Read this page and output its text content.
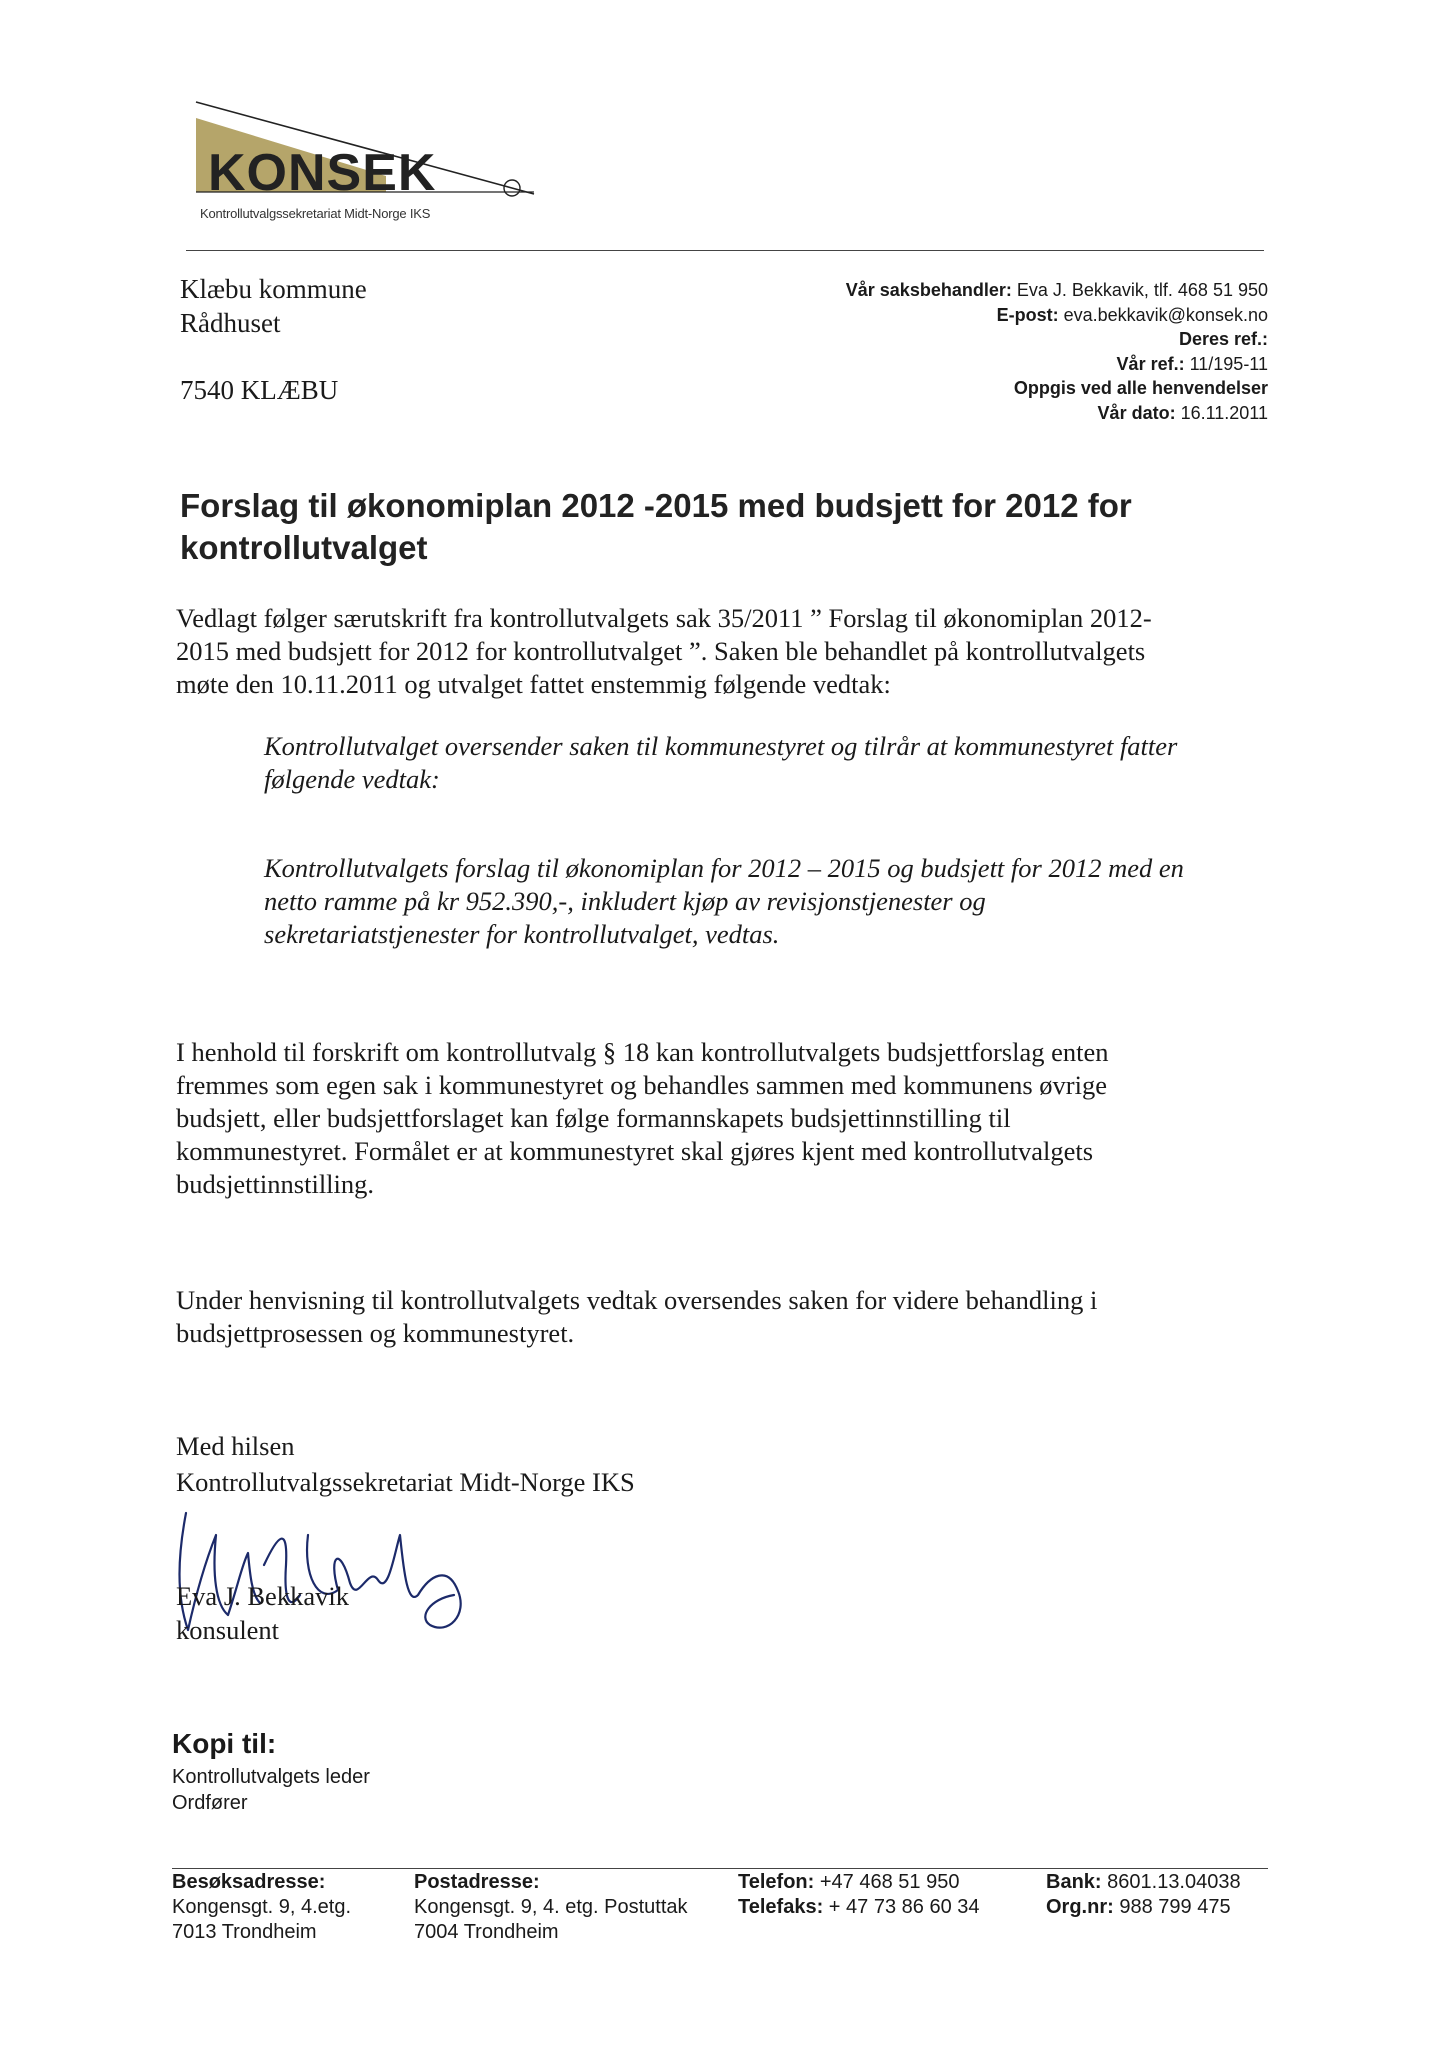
KONSEK
Kontrollutvalgssekretariat Midt-Norge IKS
Klæbu kommune
Rådhuset
7540 KLÆBU
Vår saksbehandler: Eva J. Bekkavik, tlf. 468 51 950
E-post: eva.bekkavik@konsek.no
Deres ref.:
Vår ref.: 11/195-11
Oppgis ved alle henvendelser
Vår dato: 16.11.2011
Forslag til økonomiplan 2012 -2015 med budsjett for 2012 for kontrollutvalget
Vedlagt følger særutskrift fra kontrollutvalgets sak 35/2011 ” Forslag til økonomiplan 2012-
2015 med budsjett for 2012 for kontrollutvalget ”. Saken ble behandlet på kontrollutvalgets
møte den 10.11.2011 og utvalget fattet enstemmig følgende vedtak:
Kontrollutvalget oversender saken til kommunestyret og tilrår at kommunestyret fatter
følgende vedtak:
Kontrollutvalgets forslag til økonomiplan for 2012 – 2015 og budsjett for 2012 med en
netto ramme på kr 952.390,-, inkludert kjøp av revisjonstjenester og
sekretariatstjenester for kontrollutvalget, vedtas.
I henhold til forskrift om kontrollutvalg § 18 kan kontrollutvalgets budsjettforslag enten
fremmes som egen sak i kommunestyret og behandles sammen med kommunens øvrige
budsjett, eller budsjettforslaget kan følge formannskapets budsjettinnstilling til
kommunestyret. Formålet er at kommunestyret skal gjøres kjent med kontrollutvalgets
budsjettinnstilling.
Under henvisning til kontrollutvalgets vedtak oversendes saken for videre behandling i
budsjettprosessen og kommunestyret.
Med hilsen
Kontrollutvalgssekretariat Midt-Norge IKS
Eva J. Bekkavik
konsulent
Kopi til:
Kontrollutvalgets leder
Ordfører
Besøksadresse:
Kongensgt. 9, 4.etg.
7013 Trondheim
Postadresse:
Kongensgt. 9, 4. etg. Postuttak
7004 Trondheim
Telefon: +47 468 51 950
Telefaks: + 47 73 86 60 34
Bank: 8601.13.04038
Org.nr: 988 799 475
